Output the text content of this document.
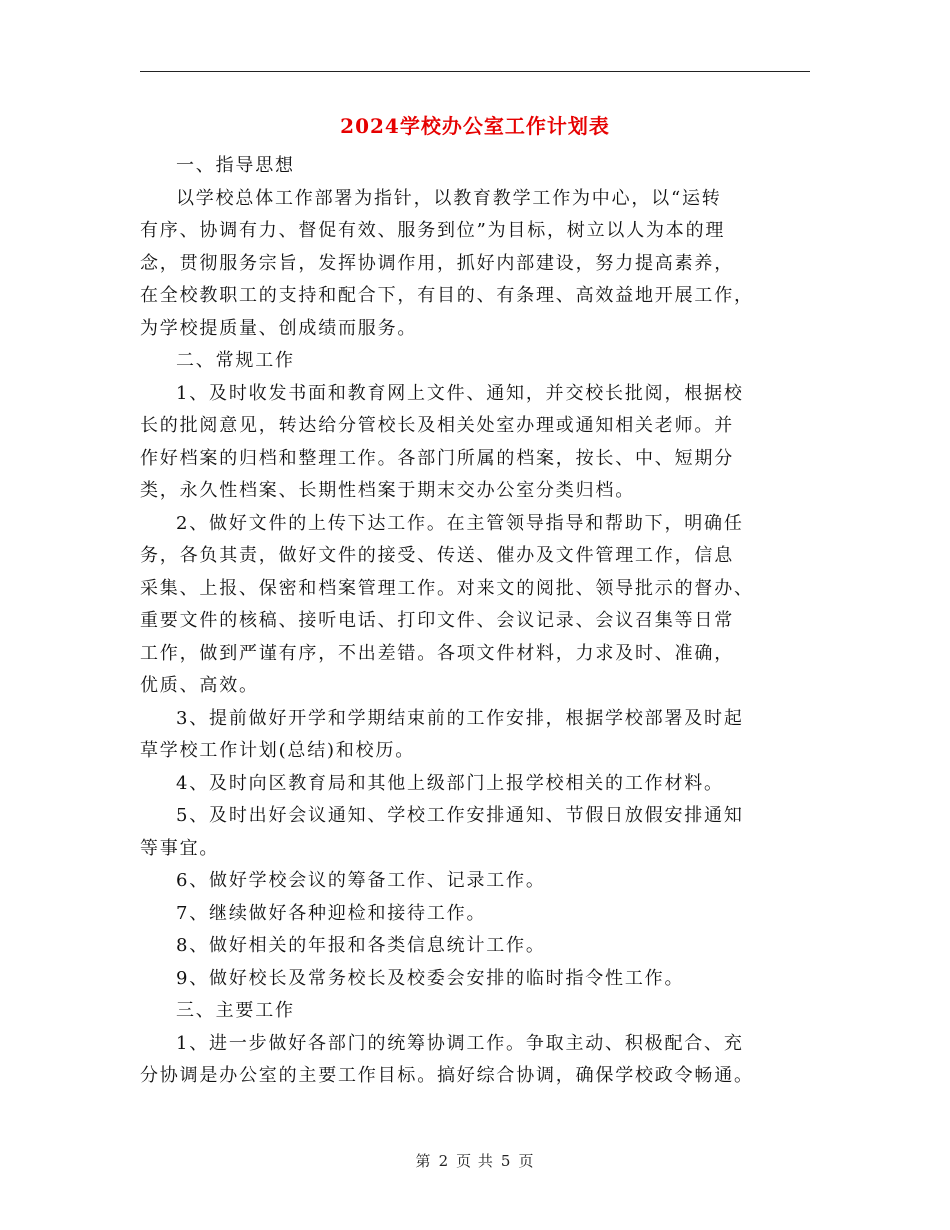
2024学校办公室工作计划表

一、指导思想

以学校总体工作部署为指针，以教育教学工作为中心，以“运转
有序、协调有力、督促有效、服务到位”为目标，树立以人为本的理
念，贯彻服务宗旨，发挥协调作用，抓好内部建设，努力提高素养，
在全校教职工的支持和配合下，有目的、有条理、高效益地开展工作，
为学校提质量、创成绩而服务。

二、常规工作

1、及时收发书面和教育网上文件、通知，并交校长批阅，根据校
长的批阅意见，转达给分管校长及相关处室办理或通知相关老师。并
作好档案的归档和整理工作。各部门所属的档案，按长、中、短期分
类，永久性档案、长期性档案于期末交办公室分类归档。

2、做好文件的上传下达工作。在主管领导指导和帮助下，明确任
务，各负其责，做好文件的接受、传送、催办及文件管理工作，信息
采集、上报、保密和档案管理工作。对来文的阅批、领导批示的督办、
重要文件的核稿、接听电话、打印文件、会议记录、会议召集等日常
工作，做到严谨有序，不出差错。各项文件材料，力求及时、准确，
优质、高效。

3、提前做好开学和学期结束前的工作安排，根据学校部署及时起
草学校工作计划(总结)和校历。

4、及时向区教育局和其他上级部门上报学校相关的工作材料。

5、及时出好会议通知、学校工作安排通知、节假日放假安排通知
等事宜。

6、做好学校会议的筹备工作、记录工作。

7、继续做好各种迎检和接待工作。

8、做好相关的年报和各类信息统计工作。

9、做好校长及常务校长及校委会安排的临时指令性工作。

三、主要工作

1、进一步做好各部门的统筹协调工作。争取主动、积极配合、充
分协调是办公室的主要工作目标。搞好综合协调，确保学校政令畅通。

第 2 页 共 5 页
